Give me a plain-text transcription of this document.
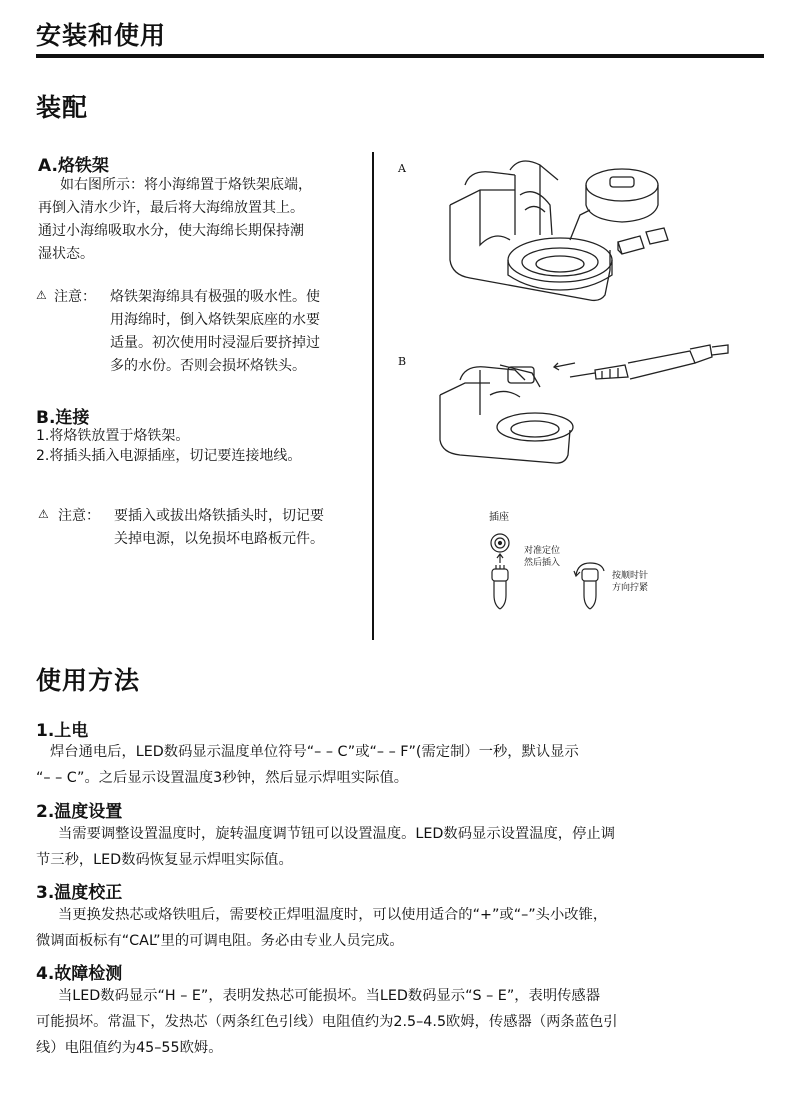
安装和使用
装配
A.烙铁架
如右图所示：将小海绵置于烙铁架底端，
再倒入清水少许，最后将大海绵放置其上。
通过小海绵吸取水分，使大海绵长期保持潮
湿状态。
⚠ 注意： 烙铁架海绵具有极强的吸水性。使
用海绵时，倒入烙铁架底座的水要
适量。初次使用时浸湿后要挤掉过
多的水份。否则会损坏烙铁头。
B.连接
1.将烙铁放置于烙铁架。
2.将插头插入电源插座，切记要连接地线。
⚠ 注意： 要插入或拔出烙铁插头时，切记要
关掉电源，以免损坏电路板元件。
A
B
插座
对准定位
然后插入
按顺时针
方向拧紧
使用方法
1.上电
焊台通电后，LED数码显示温度单位符号“– – C”或“– – F”(需定制）一秒，默认显示
“– – C”。之后显示设置温度3秒钟，然后显示焊咀实际值。
2.温度设置
当需要调整设置温度时，旋转温度调节钮可以设置温度。LED数码显示设置温度，停止调
节三秒，LED数码恢复显示焊咀实际值。
3.温度校正
当更换发热芯或烙铁咀后，需要校正焊咀温度时，可以使用适合的“+”或“–”头小改锥，
微调面板标有“CAL”里的可调电阻。务必由专业人员完成。
4.故障检测
当LED数码显示“H – E”，表明发热芯可能损坏。当LED数码显示“S – E”，表明传感器
可能损坏。常温下，发热芯（两条红色引线）电阻值约为2.5–4.5欧姆，传感器（两条蓝色引
线）电阻值约为45–55欧姆。
